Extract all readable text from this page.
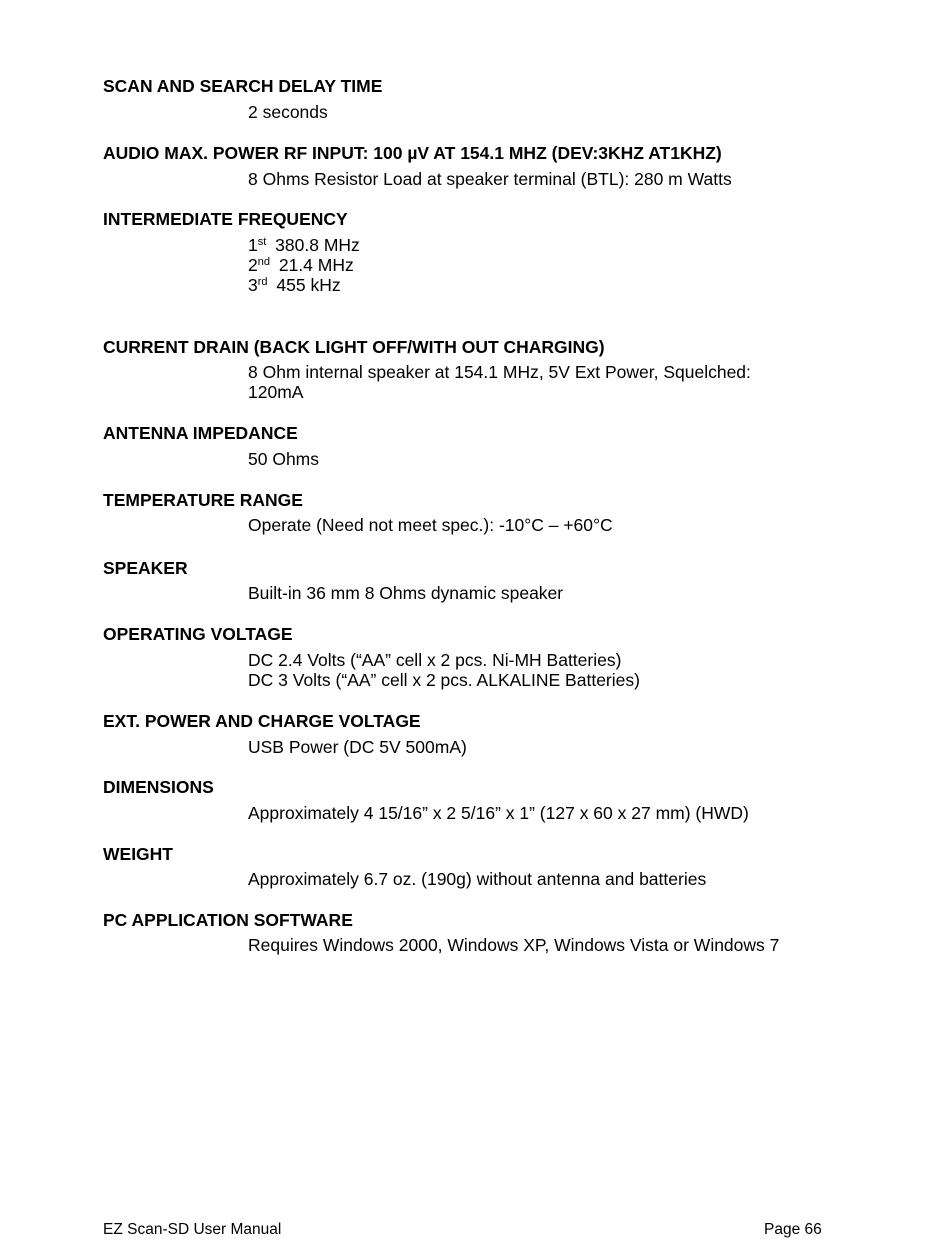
SCAN AND SEARCH DELAY TIME
2 seconds
AUDIO MAX. POWER RF INPUT: 100 µV AT 154.1 MHZ (DEV:3KHZ AT1KHZ)
8 Ohms Resistor Load at speaker terminal (BTL): 280 m Watts
INTERMEDIATE FREQUENCY
1st 380.8 MHz
2nd 21.4 MHz
3rd 455 kHz
CURRENT DRAIN (BACK LIGHT OFF/WITH OUT CHARGING)
8 Ohm internal speaker at 154.1 MHz, 5V Ext Power, Squelched:
120mA
ANTENNA IMPEDANCE
50 Ohms
TEMPERATURE RANGE
Operate (Need not meet spec.): -10°C – +60°C
SPEAKER
Built-in 36 mm 8 Ohms dynamic speaker
OPERATING VOLTAGE
DC 2.4 Volts (“AA” cell x 2 pcs. Ni-MH Batteries)
DC 3 Volts (“AA” cell x 2 pcs. ALKALINE Batteries)
EXT. POWER AND CHARGE VOLTAGE
USB Power (DC 5V 500mA)
DIMENSIONS
Approximately 4 15/16” x 2 5/16” x 1” (127 x 60 x 27 mm) (HWD)
WEIGHT
Approximately 6.7 oz. (190g) without antenna and batteries
PC APPLICATION SOFTWARE
Requires Windows 2000, Windows XP, Windows Vista or Windows 7
EZ Scan-SD User Manual	Page 66
